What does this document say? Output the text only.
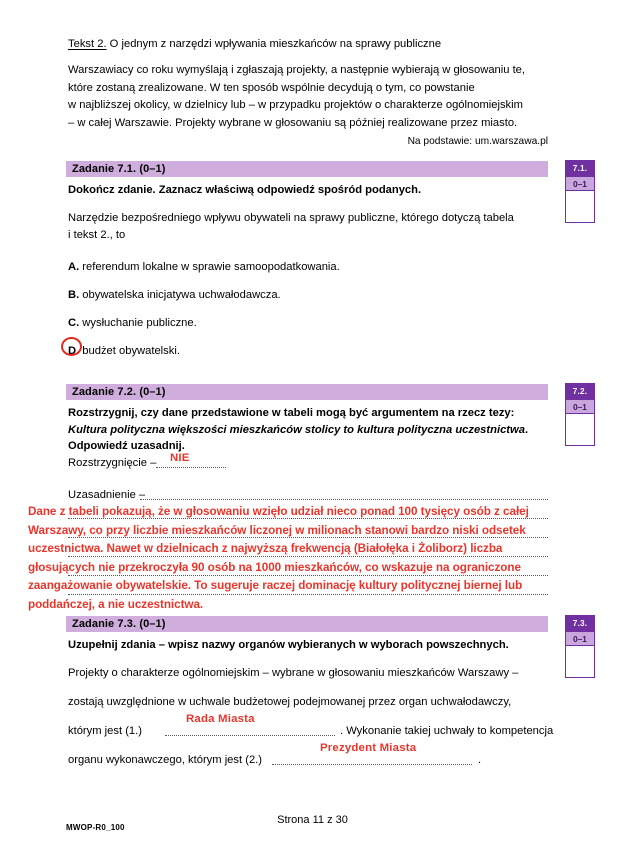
Tekst 2. O jednym z narzędzi wpływania mieszkańców na sprawy publiczne
Warszawiacy co roku wymyślają i zgłaszają projekty, a następnie wybierają w głosowaniu te,
które zostaną zrealizowane. W ten sposób wspólnie decydują o tym, co powstanie
w najbliższej okolicy, w dzielnicy lub – w przypadku projektów o charakterze ogólnomiejskim
– w całej Warszawie. Projekty wybrane w głosowaniu są później realizowane przez miasto.
Na podstawie: um.warszawa.pl
Zadanie 7.1. (0–1)
Dokończ zdanie. Zaznacz właściwą odpowiedź spośród podanych.
Narzędzie bezpośredniego wpływu obywateli na sprawy publiczne, którego dotyczą tabela
i tekst 2., to
A. referendum lokalne w sprawie samoopodatkowania.
B. obywatelska inicjatywa uchwałodawcza.
C. wysłuchanie publiczne.
D. budżet obywatelski.
7.1.
0–1
Zadanie 7.2. (0–1)
Rozstrzygnij, czy dane przedstawione w tabeli mogą być argumentem na rzecz tezy:
Kultura polityczna większości mieszkańców stolicy to kultura polityczna uczestnictwa.
Odpowiedź uzasadnij.
Rozstrzygnięcie –	NIE
Uzasadnienie –
Dane z tabeli pokazują, że w głosowaniu wzięło udział nieco ponad 100 tysięcy osób z całej
Warszawy, co przy liczbie mieszkańców liczonej w milionach stanowi bardzo niski odsetek
uczestnictwa. Nawet w dzielnicach z najwyższą frekwencją (Białołęka i Żoliborz) liczba
głosujących nie przekroczyła 90 osób na 1000 mieszkańców, co wskazuje na ograniczone
zaangażowanie obywatelskie. To sugeruje raczej dominację kultury politycznej biernej lub
poddańczej, a nie uczestnictwa.
7.2.
0–1
Zadanie 7.3. (0–1)
Uzupełnij zdania – wpisz nazwy organów wybieranych w wyborach powszechnych.
Projekty o charakterze ogólnomiejskim – wybrane w głosowaniu mieszkańców Warszawy –
zostają uwzględnione w uchwale budżetowej podejmowanej przez organ uchwałodawczy,
którym jest (1.)
Rada Miasta
. Wykonanie takiej uchwały to kompetencja
organu wykonawczego, którym jest (2.)
Prezydent Miasta
.
7.3.
0–1
MWOP-R0_100
Strona 11 z 30
